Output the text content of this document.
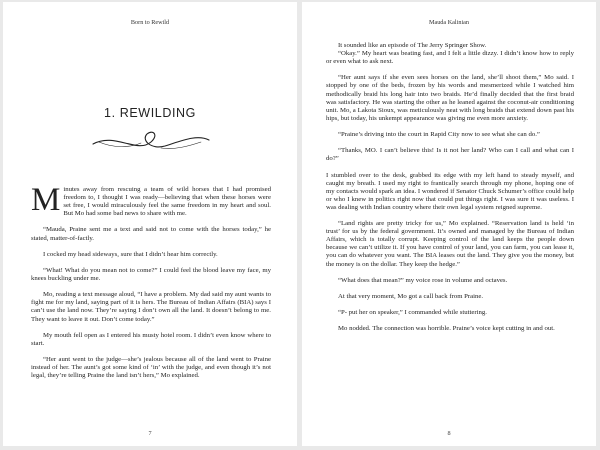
Born to Rewild
1. REWILDING

Minutes away from rescuing a team of wild horses that I had promised freedom to, I thought I was ready—believing that when these horses were set free, I would miraculously feel the same freedom in my heart and soul. But Mo had some bad news to share with me.

“Mauda, Praine sent me a text and said not to come with the horses today,” he stated, matter-of-factly.

I cocked my head sideways, sure that I didn’t hear him correctly.

“What! What do you mean not to come?” I could feel the blood leave my face, my knees buckling under me.

Mo, reading a text message aloud, “I have a problem. My dad said my aunt wants to fight me for my land, saying part of it is hers. The Bureau of Indian Affairs (BIA) says I can’t use the land now. They’re saying I don’t own all the land. It doesn’t belong to me. They want to leave it out. Don’t come today.”

My mouth fell open as I entered his musty hotel room. I didn’t even know where to start.

“Her aunt went to the judge—she’s jealous because all of the land went to Praine instead of her. The aunt’s got some kind of ‘in’ with the judge, and even though it’s not legal, they’re telling Praine the land isn’t hers,” Mo explained.

7
Mauda Kalinian

It sounded like an episode of The Jerry Springer Show.

“Okay.” My heart was beating fast, and I felt a little dizzy. I didn’t know how to reply or even what to ask next.

“Her aunt says if she even sees horses on the land, she’ll shoot them,” Mo said. I stopped by one of the beds, frozen by his words and mesmerized while I watched him methodically braid his long hair into two braids. He’d finally decided that the first braid was satisfactory. He was starting the other as he leaned against the coconut-air conditioning unit. Mo, a Lakota Sioux, was meticulously neat with long braids that extend down past his hips, but today, his unkempt appearance was giving me even more anxiety.

“Praine’s driving into the court in Rapid City now to see what she can do.”

“Thanks, MO. I can’t believe this! Is it not her land? Who can I call and what can I do?”

I stumbled over to the desk, grabbed its edge with my left hand to steady myself, and caught my breath. I used my right to frantically search through my phone, hoping one of my contacts would spark an idea. I wondered if Senator Chuck Schumer’s office could help or who I knew in politics right now that could put things right. I was sure it was useless. I was dealing with Indian country where their own legal system reigned supreme.

“Land rights are pretty tricky for us,” Mo explained. “Reservation land is held ‘in trust’ for us by the federal government. It’s owned and managed by the Bureau of Indian Affairs, which is totally corrupt. Keeping control of the land keeps the people down because we can’t utilize it. If you have control of your land, you can farm, you can lease it, you can do whatever you want. The BIA leases out the land. They give you the money, but the money is on the dollar. They keep the hedge.”

“What does that mean?” my voice rose in volume and octaves.

At that very moment, Mo got a call back from Praine.

“P- put her on speaker,” I commanded while stuttering.

Mo nodded. The connection was horrible. Praine’s voice kept cutting in and out.

8
